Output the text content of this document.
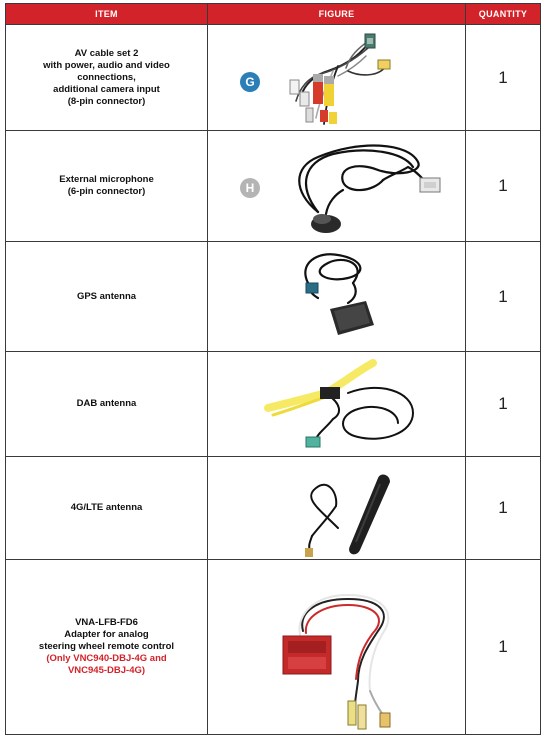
ITEM	FIGURE	QUANTITY

AV cable set 2
with power, audio and video
connections,
additional camera input
(8-pin connector)	G	1

External microphone
(6-pin connector)	H	1

GPS antenna		1

DAB antenna		1

4G/LTE antenna		1

VNA-LFB-FD6
Adapter for analog
steering wheel remote control
(Only VNC940-DBJ-4G and
VNC945-DBJ-4G)		1
